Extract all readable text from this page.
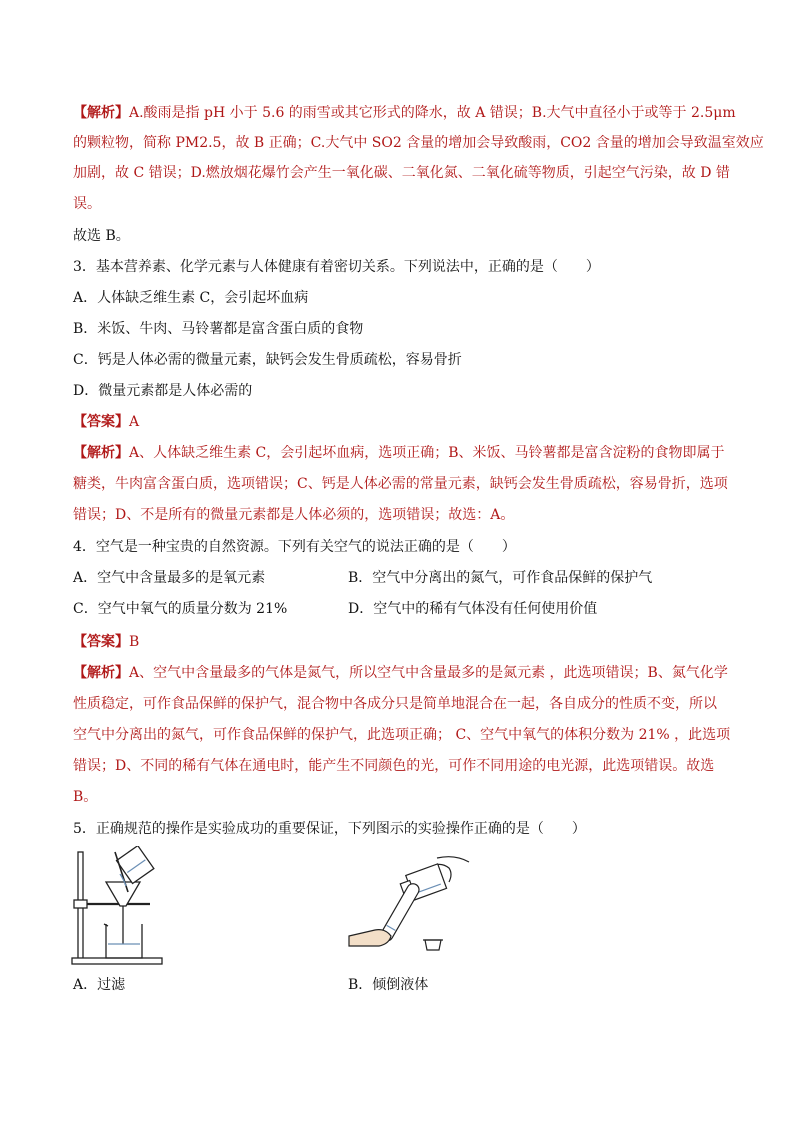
【解析】A.酸雨是指 pH 小于 5.6 的雨雪或其它形式的降水，故 A 错误；B.大气中直径小于或等于 2.5μm
的颗粒物，简称 PM2.5，故 B 正确；C.大气中 SO2 含量的增加会导致酸雨，CO2 含量的增加会导致温室效应
加剧，故 C 错误；D.燃放烟花爆竹会产生一氧化碳、二氧化氮、二氧化硫等物质，引起空气污染，故 D 错
误。
故选 B。
3．基本营养素、化学元素与人体健康有着密切关系。下列说法中，正确的是（　　）
A．人体缺乏维生素 C，会引起坏血病
B．米饭、牛肉、马铃薯都是富含蛋白质的食物
C．钙是人体必需的微量元素，缺钙会发生骨质疏松，容易骨折
D．微量元素都是人体必需的
【答案】A
【解析】A、人体缺乏维生素 C，会引起坏血病，选项正确；B、米饭、马铃薯都是富含淀粉的食物即属于
糖类，牛肉富含蛋白质，选项错误；C、钙是人体必需的常量元素，缺钙会发生骨质疏松，容易骨折，选项
错误；D、不是所有的微量元素都是人体必须的，选项错误；故选：A。
4．空气是一种宝贵的自然资源。下列有关空气的说法正确的是（　　）
A．空气中含量最多的是氧元素	B．空气中分离出的氮气，可作食品保鲜的保护气
C．空气中氧气的质量分数为 21%	D．空气中的稀有气体没有任何使用价值
【答案】B
【解析】A、空气中含量最多的气体是氮气，所以空气中含量最多的是氮元素 ，此选项错误；B、氮气化学
性质稳定，可作食品保鲜的保护气，混合物中各成分只是简单地混合在一起，各自成分的性质不变，所以
空气中分离出的氮气，可作食品保鲜的保护气，此选项正确； C、空气中氧气的体积分数为 21% ，此选项
错误；D、不同的稀有气体在通电时，能产生不同颜色的光，可作不同用途的电光源，此选项错误。故选
B。
5．正确规范的操作是实验成功的重要保证，下列图示的实验操作正确的是（　　）
A．过滤	B．倾倒液体
